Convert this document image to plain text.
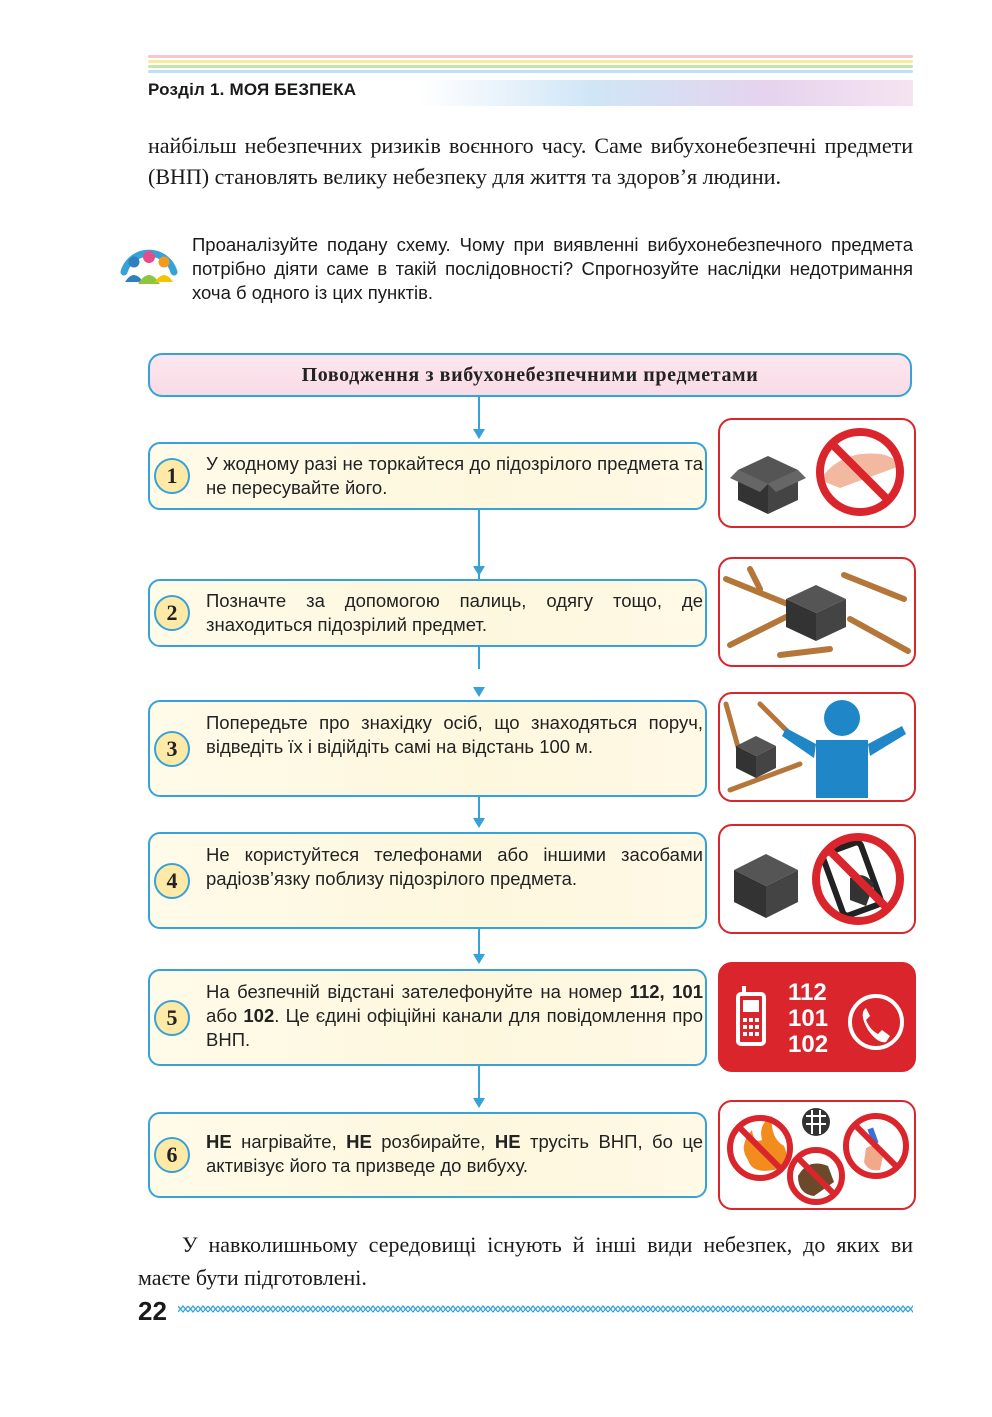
Розділ 1. МОЯ БЕЗПЕКА
найбільш небезпечних ризиків воєнного часу. Саме вибухонебезпечні предмети (ВНП) становлять велику небезпеку для життя та здоров’я людини.
Проаналізуйте подану схему. Чому при виявленні вибухонебезпечного предмета потрібно діяти саме в такій послідовності? Спрогнозуйте наслідки недотримання хоча б одного із цих пунктів.
Поводження з вибухонебезпечними предметами
1	У жодному разі не торкайтеся до підозрілого предмета та не пересувайте його.
2	Позначте за допомогою палиць, одягу тощо, де знаходиться підозрілий предмет.
3
Попередьте про знахідку осіб, що знаходяться поруч, відведіть їх і відійдіть самі на відстань 100 м.
4
Не користуйтеся телефонами або іншими засобами радіозв’язку поблизу підозрілого предмета.
5
На безпечній відстані зателефонуйте на номер 112, 101 або 102. Це єдині офіційні канали для повідомлення про ВНП.
112
101
102
6
НЕ нагрівайте, НЕ розбирайте, НЕ трусіть ВНП, бо це активізує його та призведе до вибуху.
У навколишньому середовищі існують й інші види небезпек, до яких ви маєте бути підготовлені.
22
